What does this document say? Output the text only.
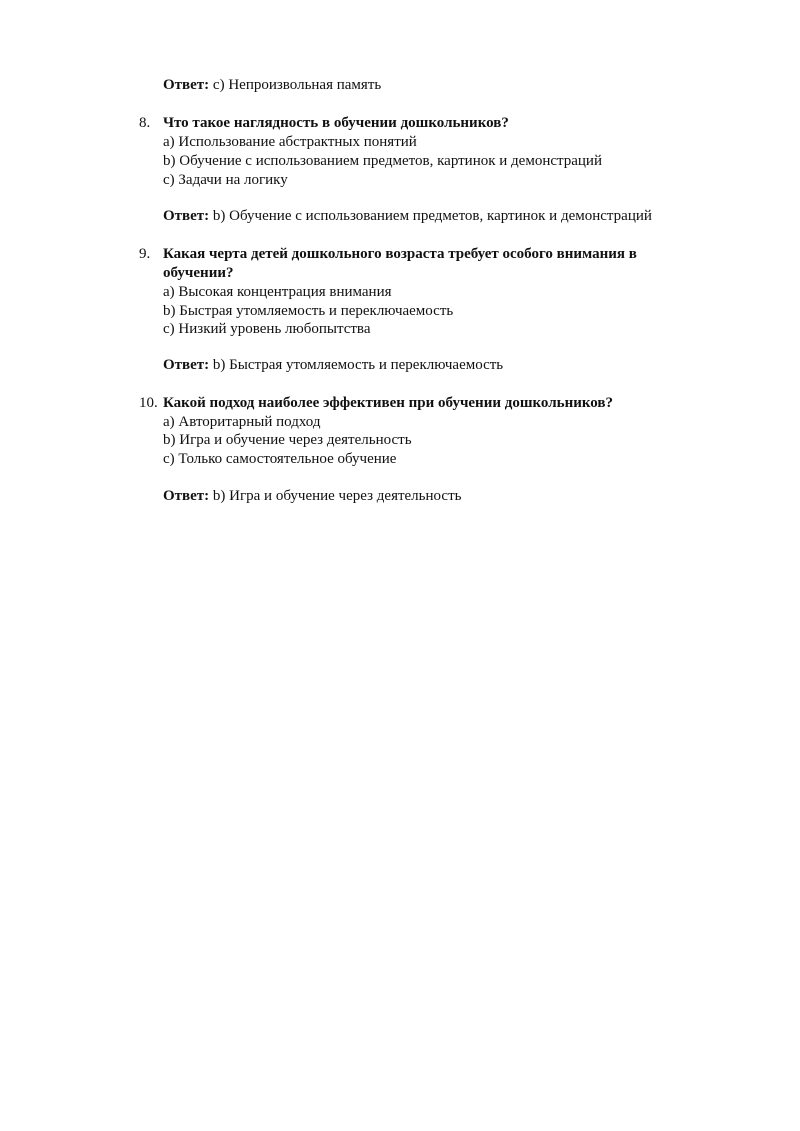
Ответ: c) Непроизвольная память
8. Что такое наглядность в обучении дошкольников?
a) Использование абстрактных понятий
b) Обучение с использованием предметов, картинок и демонстраций
c) Задачи на логику
Ответ: b) Обучение с использованием предметов, картинок и демонстраций
9. Какая черта детей дошкольного возраста требует особого внимания в обучении?
a) Высокая концентрация внимания
b) Быстрая утомляемость и переключаемость
c) Низкий уровень любопытства
Ответ: b) Быстрая утомляемость и переключаемость
10. Какой подход наиболее эффективен при обучении дошкольников?
a) Авторитарный подход
b) Игра и обучение через деятельность
c) Только самостоятельное обучение
Ответ: b) Игра и обучение через деятельность
